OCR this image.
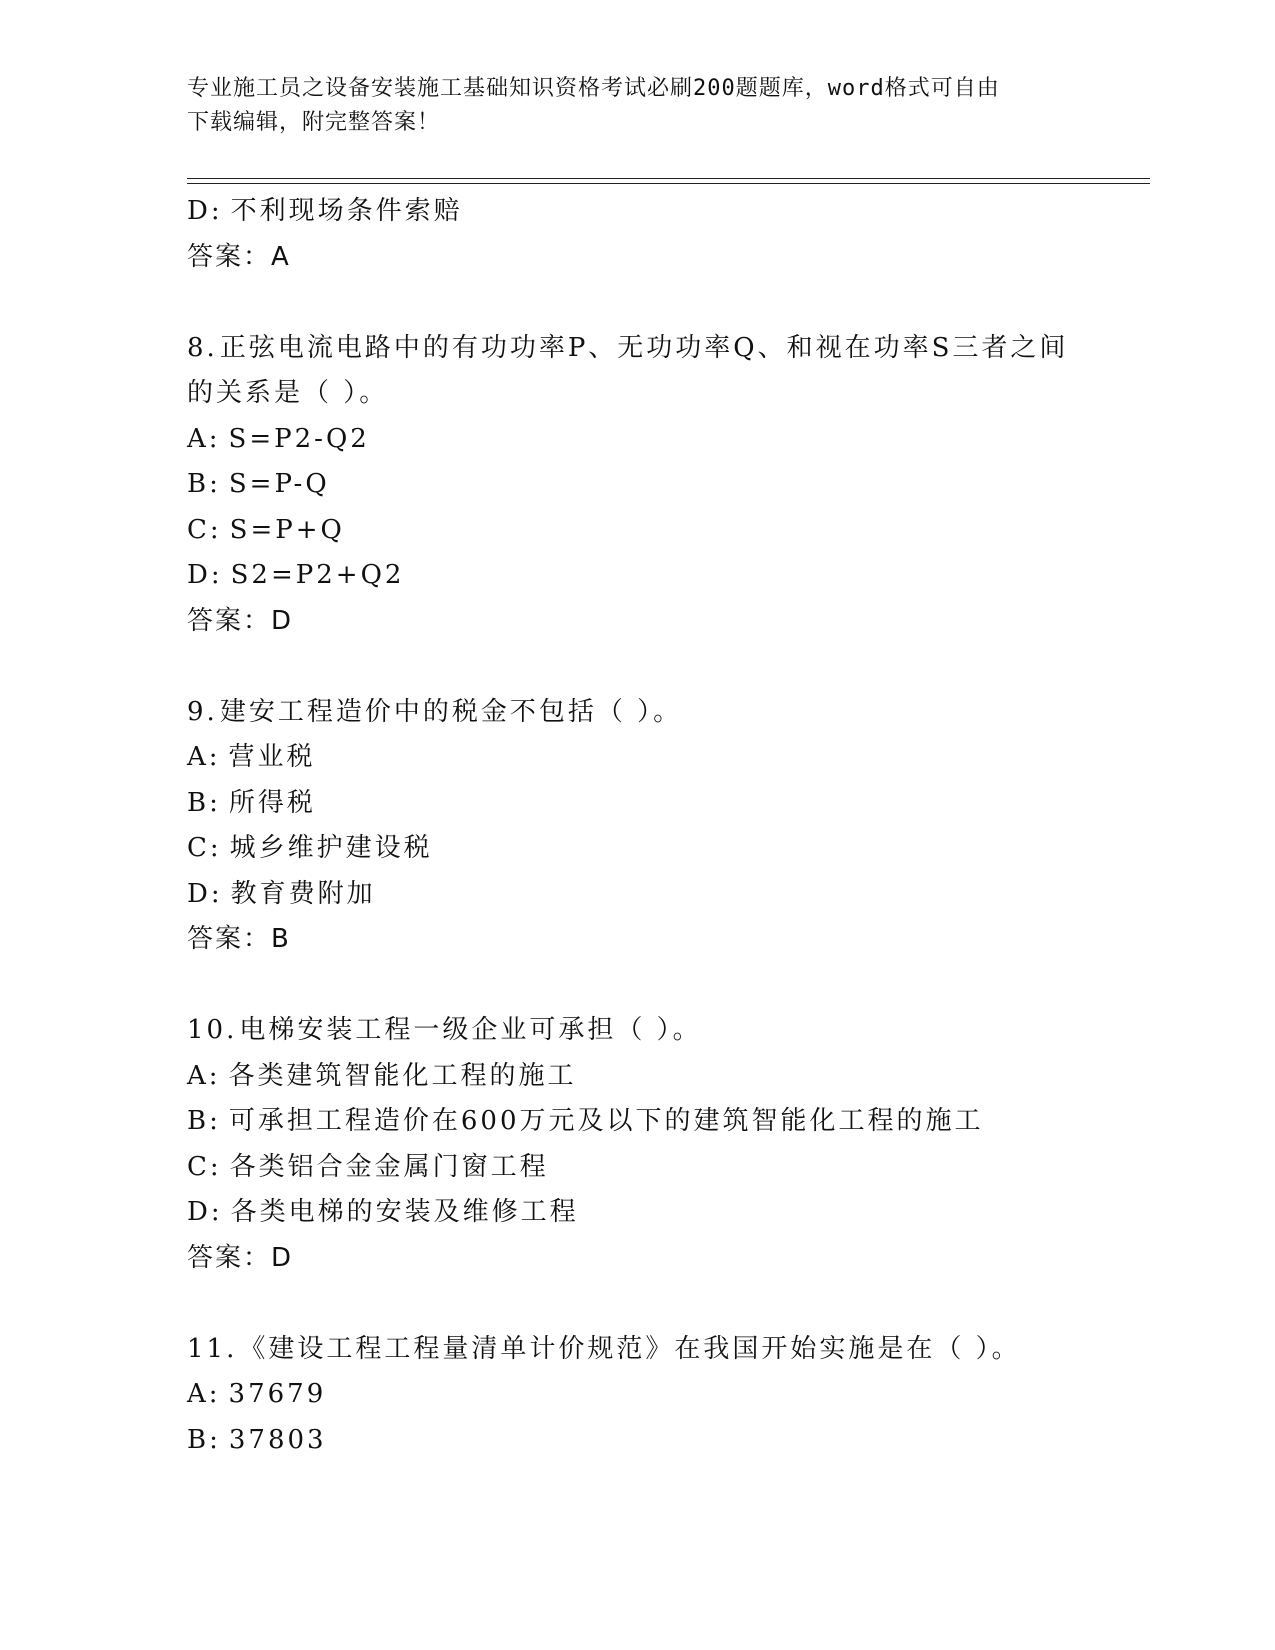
专业施工员之设备安装施工基础知识资格考试必刷200题题库，word格式可自由
下载编辑，附完整答案！

D: 不利现场条件索赔

答案：A

8.正弦电流电路中的有功功率P、无功功率Q、和视在功率S三者之间

的关系是（ ）。

A: S=P2-Q2

B: S=P-Q

C: S=P+Q

D: S2=P2+Q2

答案：D

9.建安工程造价中的税金不包括（ ）。

A: 营业税

B: 所得税

C: 城乡维护建设税

D: 教育费附加

答案：B

10.电梯安装工程一级企业可承担（ ）。

A: 各类建筑智能化工程的施工

B: 可承担工程造价在600万元及以下的建筑智能化工程的施工

C: 各类铝合金金属门窗工程

D: 各类电梯的安装及维修工程

答案：D

11.《建设工程工程量清单计价规范》在我国开始实施是在（ ）。

A: 37679

B: 37803
